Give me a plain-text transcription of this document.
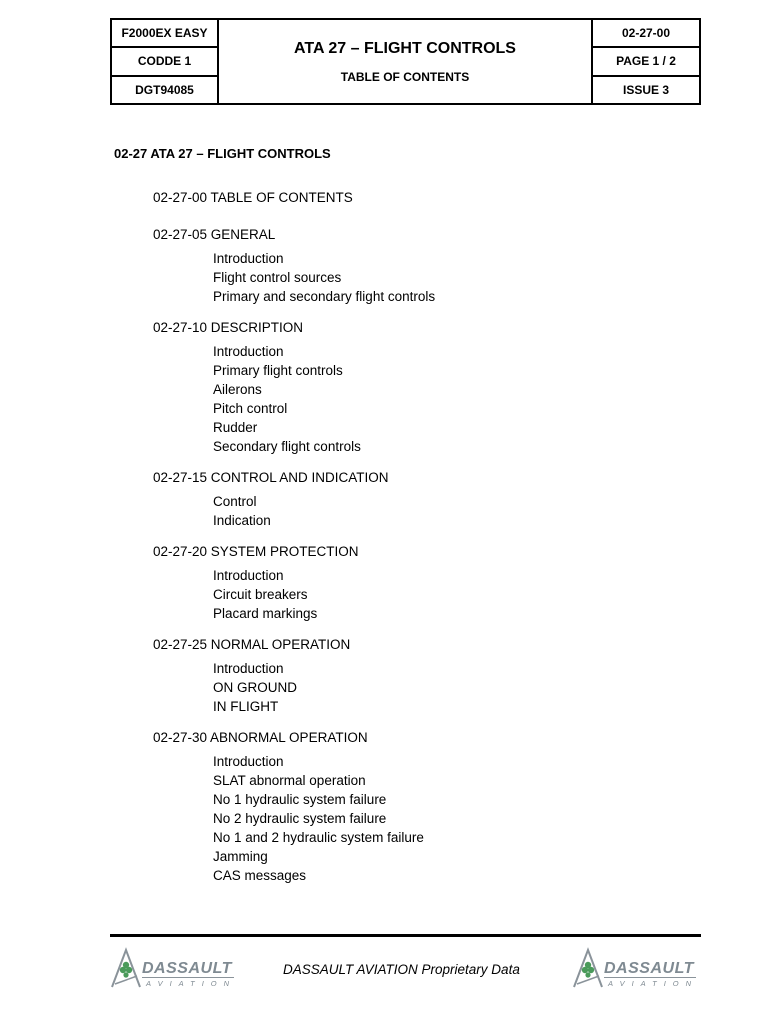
F2000EX EASY
CODDE 1
DGT94085
ATA 27 – FLIGHT CONTROLS
TABLE OF CONTENTS
02-27-00
PAGE 1 / 2
ISSUE 3
02-27 ATA 27 – FLIGHT CONTROLS
02-27-00 TABLE OF CONTENTS
02-27-05 GENERAL
Introduction
Flight control sources
Primary and secondary flight controls
02-27-10 DESCRIPTION
Introduction
Primary flight controls
Ailerons
Pitch control
Rudder
Secondary flight controls
02-27-15 CONTROL AND INDICATION
Control
Indication
02-27-20 SYSTEM PROTECTION
Introduction
Circuit breakers
Placard markings
02-27-25 NORMAL OPERATION
Introduction
ON GROUND
IN FLIGHT
02-27-30 ABNORMAL OPERATION
Introduction
SLAT abnormal operation
No 1 hydraulic system failure
No 2 hydraulic system failure
No 1 and 2 hydraulic system failure
Jamming
CAS messages
DASSAULT
AVIATION
DASSAULT AVIATION Proprietary Data	DASSAULT
AVIATION
